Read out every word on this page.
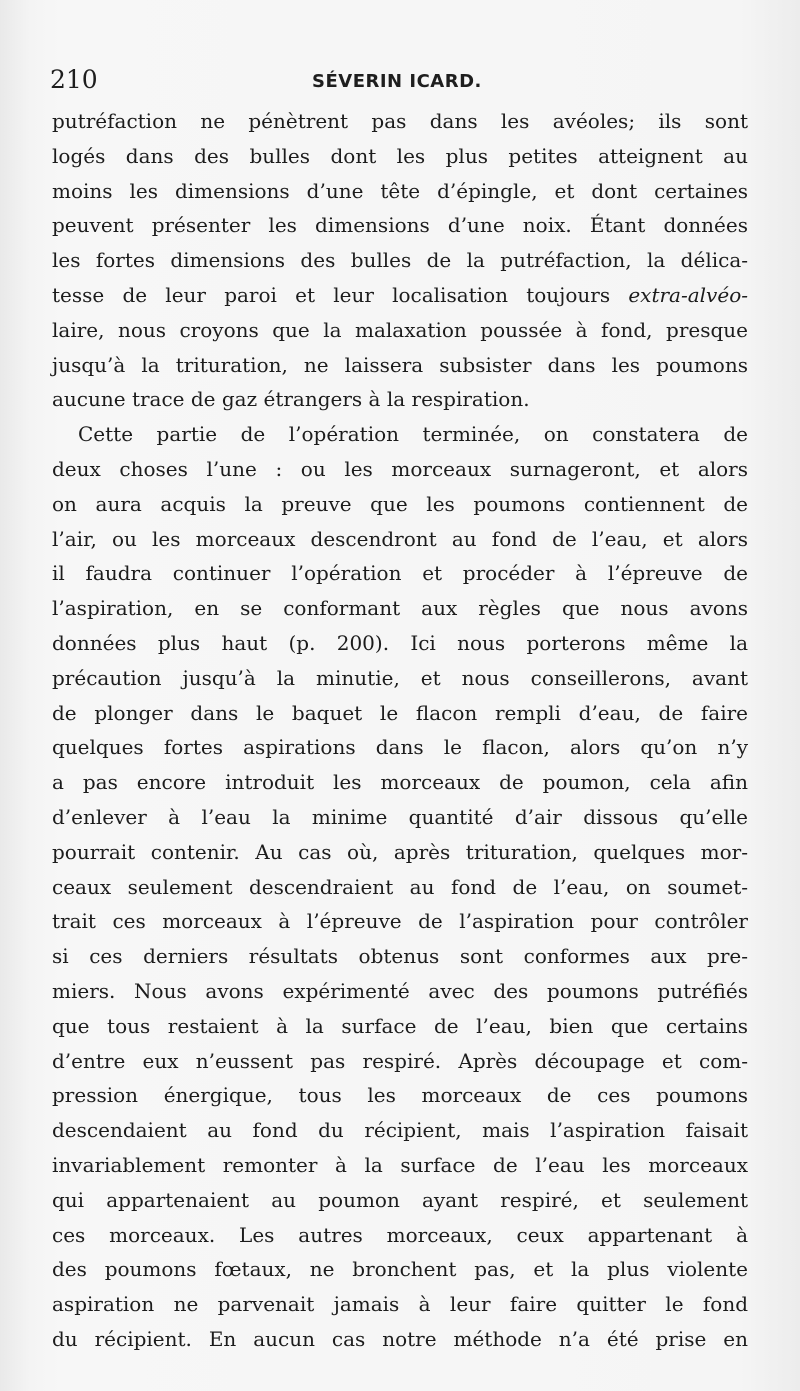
210	SÉVERIN ICARD.
putréfaction ne pénètrent pas dans les avéoles; ils sont
logés dans des bulles dont les plus petites atteignent au
moins les dimensions d’une tête d’épingle, et dont certaines
peuvent présenter les dimensions d’une noix. Étant données
les fortes dimensions des bulles de la putréfaction, la délica-
tesse de leur paroi et leur localisation toujours extra-alvéo-
laire, nous croyons que la malaxation poussée à fond, presque
jusqu’à la trituration, ne laissera subsister dans les poumons
aucune trace de gaz étrangers à la respiration.
Cette partie de l’opération terminée, on constatera de
deux choses l’une : ou les morceaux surnageront, et alors
on aura acquis la preuve que les poumons contiennent de
l’air, ou les morceaux descendront au fond de l’eau, et alors
il faudra continuer l’opération et procéder à l’épreuve de
l’aspiration, en se conformant aux règles que nous avons
données plus haut (p. 200). Ici nous porterons même la
précaution jusqu’à la minutie, et nous conseillerons, avant
de plonger dans le baquet le flacon rempli d’eau, de faire
quelques fortes aspirations dans le flacon, alors qu’on n’y
a pas encore introduit les morceaux de poumon, cela afin
d’enlever à l’eau la minime quantité d’air dissous qu’elle
pourrait contenir. Au cas où, après trituration, quelques mor-
ceaux seulement descendraient au fond de l’eau, on soumet-
trait ces morceaux à l’épreuve de l’aspiration pour contrôler
si ces derniers résultats obtenus sont conformes aux pre-
miers. Nous avons expérimenté avec des poumons putréfiés
que tous restaient à la surface de l’eau, bien que certains
d’entre eux n’eussent pas respiré. Après découpage et com-
pression énergique, tous les morceaux de ces poumons
descendaient au fond du récipient, mais l’aspiration faisait
invariablement remonter à la surface de l’eau les morceaux
qui appartenaient au poumon ayant respiré, et seulement
ces morceaux. Les autres morceaux, ceux appartenant à
des poumons fœtaux, ne bronchent pas, et la plus violente
aspiration ne parvenait jamais à leur faire quitter le fond
du récipient. En aucun cas notre méthode n’a été prise en
